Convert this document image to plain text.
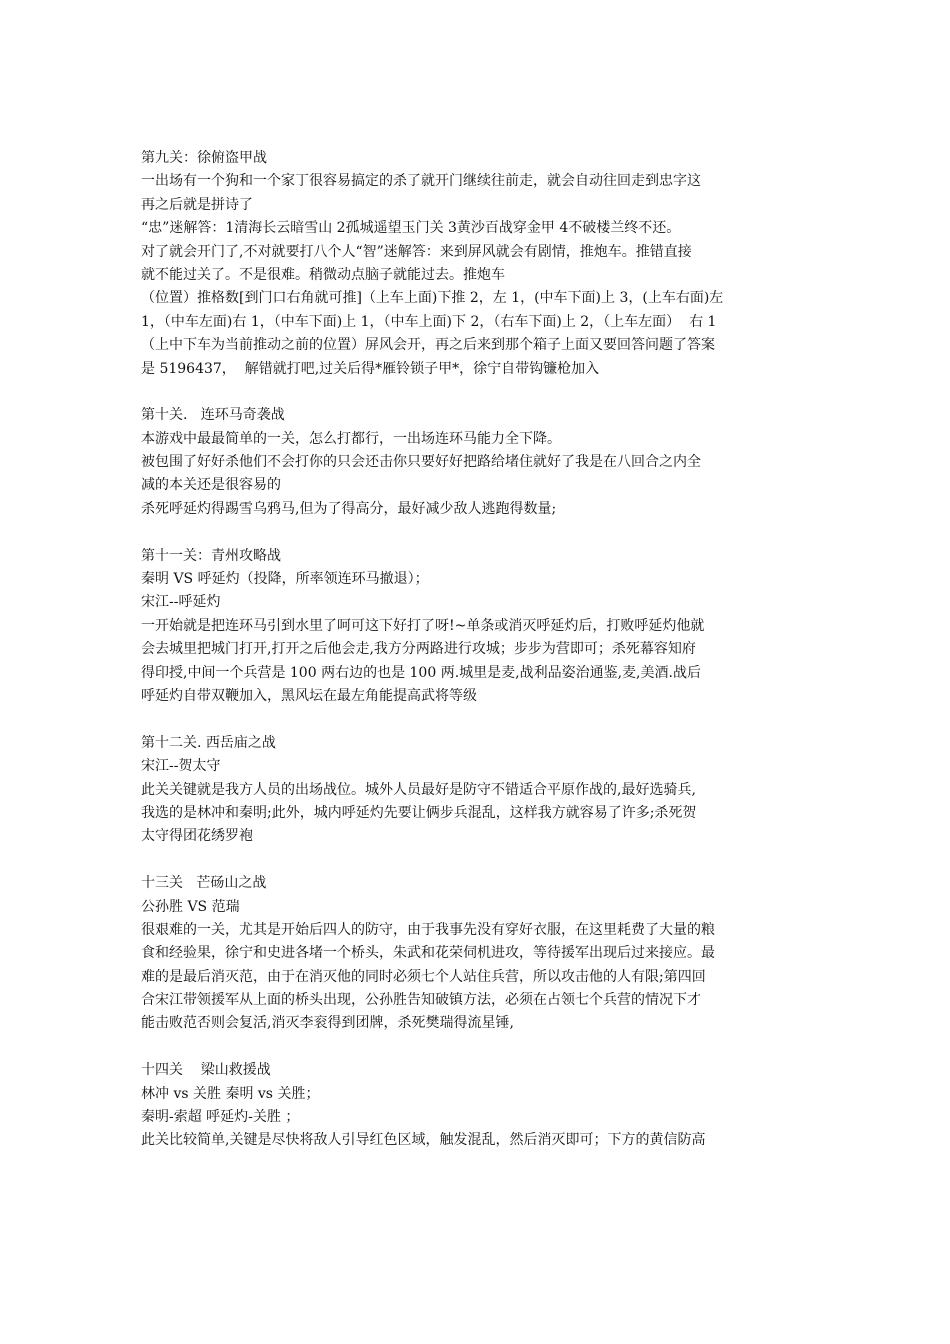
第九关：徐俯盗甲战
一出场有一个狗和一个家丁很容易搞定的杀了就开门继续往前走，就会自动往回走到忠字这
再之后就是拼诗了
“忠”迷解答：1清海长云暗雪山 2孤城遥望玉门关 3黄沙百战穿金甲 4不破楼兰终不还。
对了就会开门了,不对就要打八个人“智”迷解答：来到屏风就会有剧情，推炮车。推错直接
就不能过关了。不是很难。稍微动点脑子就能过去。推炮车
（位置）推格数[到门口右角就可推]（上车上面)下推 2，左 1，(中车下面)上 3，(上车右面)左
1，（中车左面)右 1，（中车下面)上 1，（中车上面)下 2，（右车下面)上 2，（上车左面）  右 1
（上中下车为当前推动之前的位置）屏风会开，再之后来到那个箱子上面又要回答问题了答案
是 5196437，  解错就打吧,过关后得*雁铃锁子甲*，徐宁自带钩镰枪加入
第十关.   连环马奇袭战
本游戏中最最简单的一关，怎么打都行，一出场连环马能力全下降。
被包围了好好杀他们不会打你的只会还击你只要好好把路给堵住就好了我是在八回合之内全
减的本关还是很容易的
杀死呼延灼得踢雪乌鸦马,但为了得高分，最好减少敌人逃跑得数量;
第十一关：青州攻略战
秦明 VS 呼延灼（投降，所率领连环马撤退）；
宋江--呼延灼
一开始就是把连环马引到水里了呵可这下好打了呀!~单条或消灭呼延灼后，打败呼延灼他就
会去城里把城门打开,打开之后他会走,我方分两路进行攻城；步步为营即可；杀死幕容知府
得印授,中间一个兵营是 100 两右边的也是 100 两.城里是麦,战利品姿治通鉴,麦,美酒.战后
呼延灼自带双鞭加入，黑风坛在最左角能提高武将等级
第十二关. 西岳庙之战
宋江--贺太守
此关关键就是我方人员的出场战位。城外人员最好是防守不错适合平原作战的,最好选骑兵,
我选的是林冲和秦明;此外，城内呼延灼先要让俩步兵混乱，这样我方就容易了许多;杀死贺
太守得团花绣罗袍
十三关   芒砀山之战
公孙胜 VS 范瑞
很艰难的一关，尤其是开始后四人的防守，由于我事先没有穿好衣服，在这里耗费了大量的粮
食和经验果，徐宁和史进各堵一个桥头，朱武和花荣伺机进攻，等待援军出现后过来接应。最
难的是最后消灭范，由于在消灭他的同时必须七个人站住兵营，所以攻击他的人有限;第四回
合宋江带领援军从上面的桥头出现，公孙胜告知破镇方法，必须在占领七个兵营的情况下才
能击败范否则会复活,消灭李衮得到团牌，杀死樊瑞得流星锤,
十四关    梁山救援战
林冲 vs 关胜 秦明 vs 关胜；
秦明-索超 呼延灼-关胜 ；
此关比较简单,关键是尽快将敌人引导红色区域，触发混乱，然后消灭即可；下方的黄信防高
